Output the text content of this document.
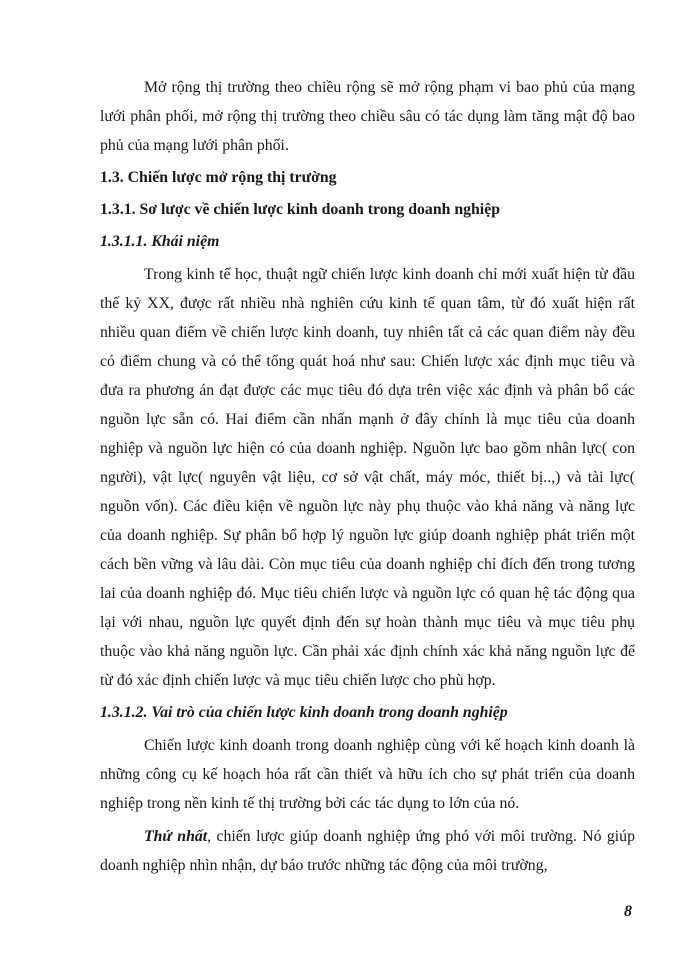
Mở rộng thị trường theo chiều rộng sẽ mở rộng phạm vi bao phủ của mạng lưới phân phối, mở rộng thị trường theo chiều sâu có tác dụng làm tăng mật độ bao phủ của mạng lưới phân phối.

1.3. Chiến lược mở rộng thị trường
1.3.1. Sơ lược về chiến lược kinh doanh trong doanh nghiệp
1.3.1.1. Khái niệm

Trong kinh tế học, thuật ngữ chiến lược kinh doanh chỉ mới xuất hiện từ đầu thế kỷ XX, được rất nhiều nhà nghiên cứu kinh tế quan tâm, từ đó xuất hiện rất nhiều quan điểm về chiến lược kinh doanh, tuy nhiên tất cả các quan điểm này đều có điểm chung và có thể tổng quát hoá như sau: Chiến lược xác định mục tiêu và đưa ra phương án đạt được các mục tiêu đó dựa trên việc xác định và phân bổ các nguồn lực sẵn có. Hai điểm cần nhấn mạnh ở đây chính là mục tiêu của doanh nghiệp và nguồn lực hiện có của doanh nghiệp. Nguồn lực bao gồm nhân lực( con người), vật lực( nguyên vật liệu, cơ sở vật chất, máy móc, thiết bị..,) và tài lực( nguồn vốn). Các điều kiện về nguồn lực này phụ thuộc vào khả năng và năng lực của doanh nghiệp. Sự phân bổ hợp lý nguồn lực giúp doanh nghiệp phát triển một cách bền vững và lâu dài. Còn mục tiêu của doanh nghiệp chỉ đích đến trong tương lai của doanh nghiệp đó. Mục tiêu chiến lược và nguồn lực có quan hệ tác động qua lại với nhau, nguồn lực quyết định đến sự hoàn thành mục tiêu và mục tiêu phụ thuộc vào khả năng nguồn lực. Cần phải xác định chính xác khả năng nguồn lực để từ đó xác định chiến lược và mục tiêu chiến lược cho phù hợp.

1.3.1.2. Vai trò của chiến lược kinh doanh trong doanh nghiệp

Chiến lược kinh doanh trong doanh nghiệp cùng với kế hoạch kinh doanh là những công cụ kế hoạch hóa rất cần thiết và hữu ích cho sự phát triển của doanh nghiệp trong nền kinh tế thị trường bởi các tác dụng to lớn của nó.

Thứ nhất, chiến lược giúp doanh nghiệp ứng phó với môi trường. Nó giúp doanh nghiệp nhìn nhận, dự báo trước những tác động của môi trường,

8
